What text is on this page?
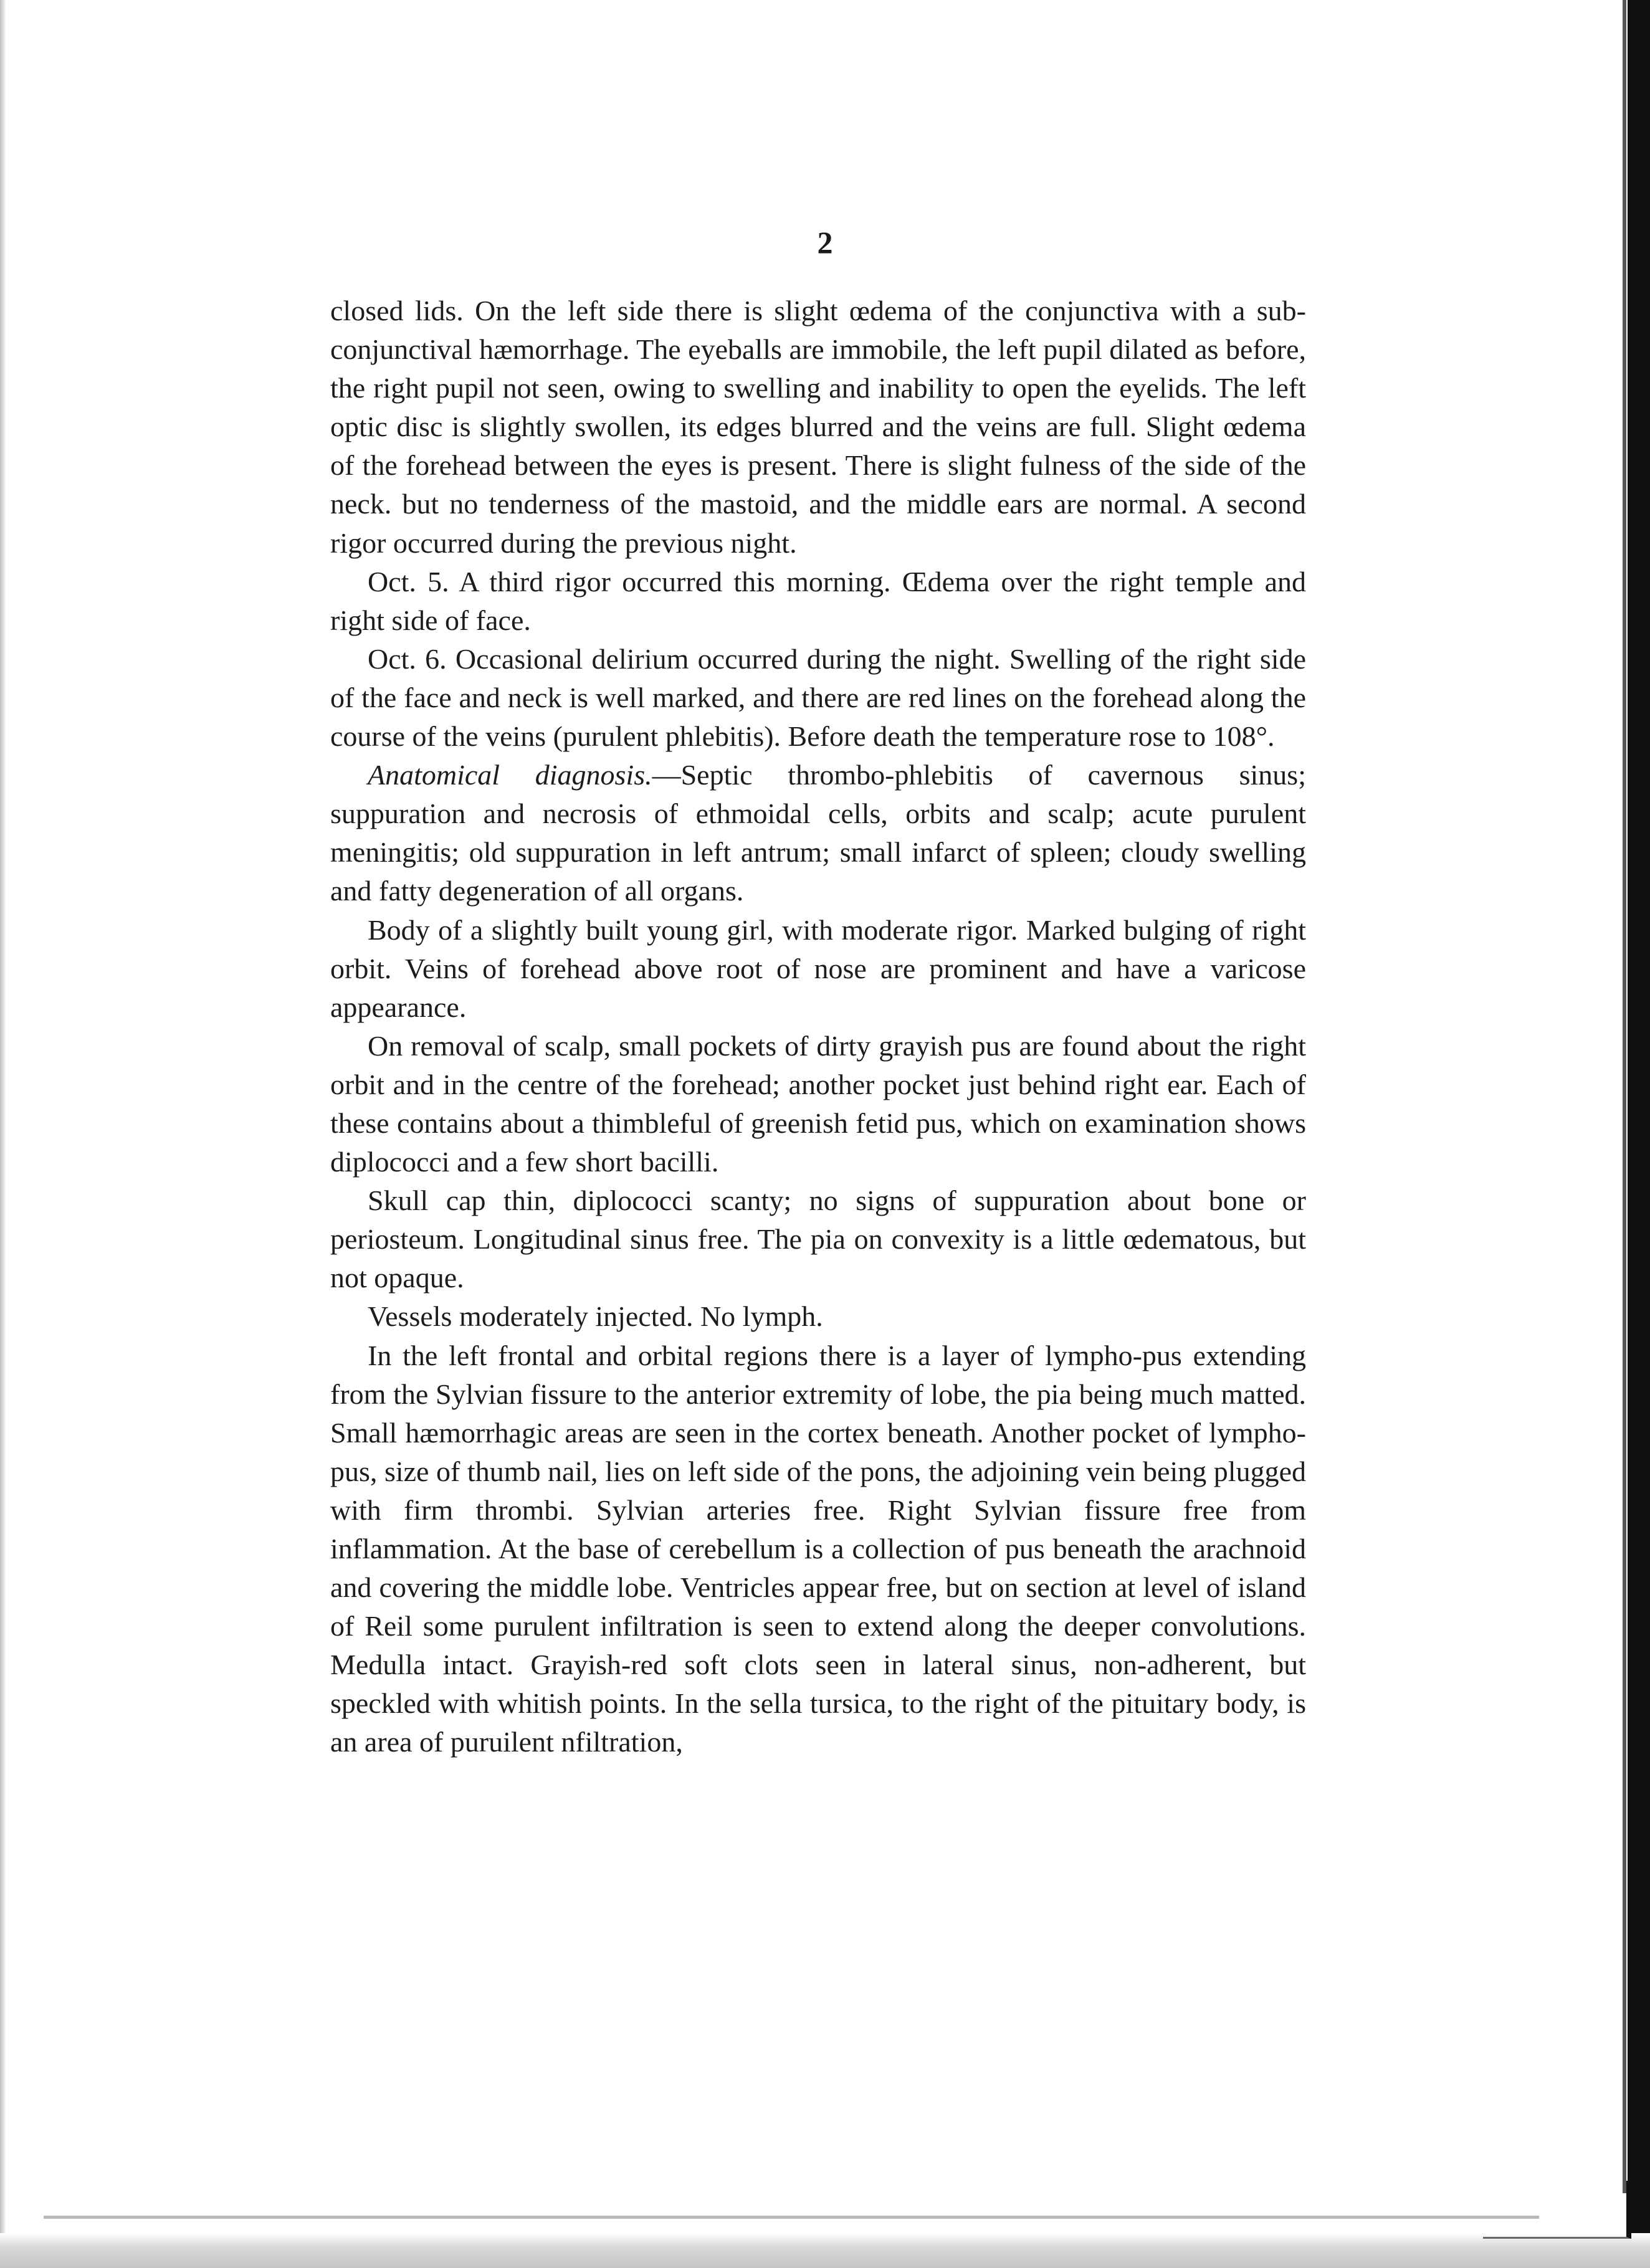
2

closed lids. On the left side there is slight œdema of the conjunctiva with a sub-conjunctival hæmorrhage. The eyeballs are immobile, the left pupil dilated as before, the right pupil not seen, owing to swelling and inability to open the eyelids. The left optic disc is slightly swollen, its edges blurred and the veins are full. Slight œdema of the forehead between the eyes is present. There is slight fulness of the side of the neck. but no tenderness of the mastoid, and the middle ears are normal. A second rigor occurred during the previous night.

Oct. 5. A third rigor occurred this morning. Œdema over the right temple and right side of face.

Oct. 6. Occasional delirium occurred during the night. Swelling of the right side of the face and neck is well marked, and there are red lines on the forehead along the course of the veins (purulent phlebitis). Before death the temperature rose to 108°.

Anatomical diagnosis.—Septic thrombo-phlebitis of cavernous sinus; suppuration and necrosis of ethmoidal cells, orbits and scalp; acute purulent meningitis; old suppuration in left antrum; small infarct of spleen; cloudy swelling and fatty degeneration of all organs.

Body of a slightly built young girl, with moderate rigor. Marked bulging of right orbit. Veins of forehead above root of nose are prominent and have a varicose appearance.

On removal of scalp, small pockets of dirty grayish pus are found about the right orbit and in the centre of the forehead; another pocket just behind right ear. Each of these contains about a thimbleful of greenish fetid pus, which on examination shows diplococci and a few short bacilli.

Skull cap thin, diplococci scanty; no signs of suppuration about bone or periosteum. Longitudinal sinus free. The pia on convexity is a little œdematous, but not opaque.

Vessels moderately injected. No lymph.

In the left frontal and orbital regions there is a layer of lympho-pus extending from the Sylvian fissure to the anterior extremity of lobe, the pia being much matted. Small hæmorrhagic areas are seen in the cortex beneath. Another pocket of lympho-pus, size of thumb nail, lies on left side of the pons, the adjoining vein being plugged with firm thrombi. Sylvian arteries free. Right Sylvian fissure free from inflammation. At the base of cerebellum is a collection of pus beneath the arachnoid and covering the middle lobe. Ventricles appear free, but on section at level of island of Reil some purulent infiltration is seen to extend along the deeper convolutions. Medulla intact. Grayish-red soft clots seen in lateral sinus, non-adherent, but speckled with whitish points. In the sella tursica, to the right of the pituitary body, is an area of puruilent nfiltration,
